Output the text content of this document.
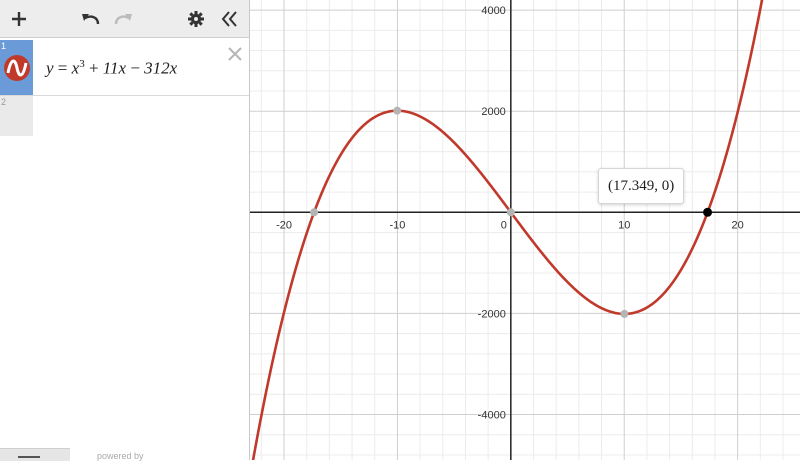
1
$y = x^3 + 11x - 312x$
2
powered by
-20	-10	0	10	20
4000
2000
-2000
-4000
(17.349, 0)
